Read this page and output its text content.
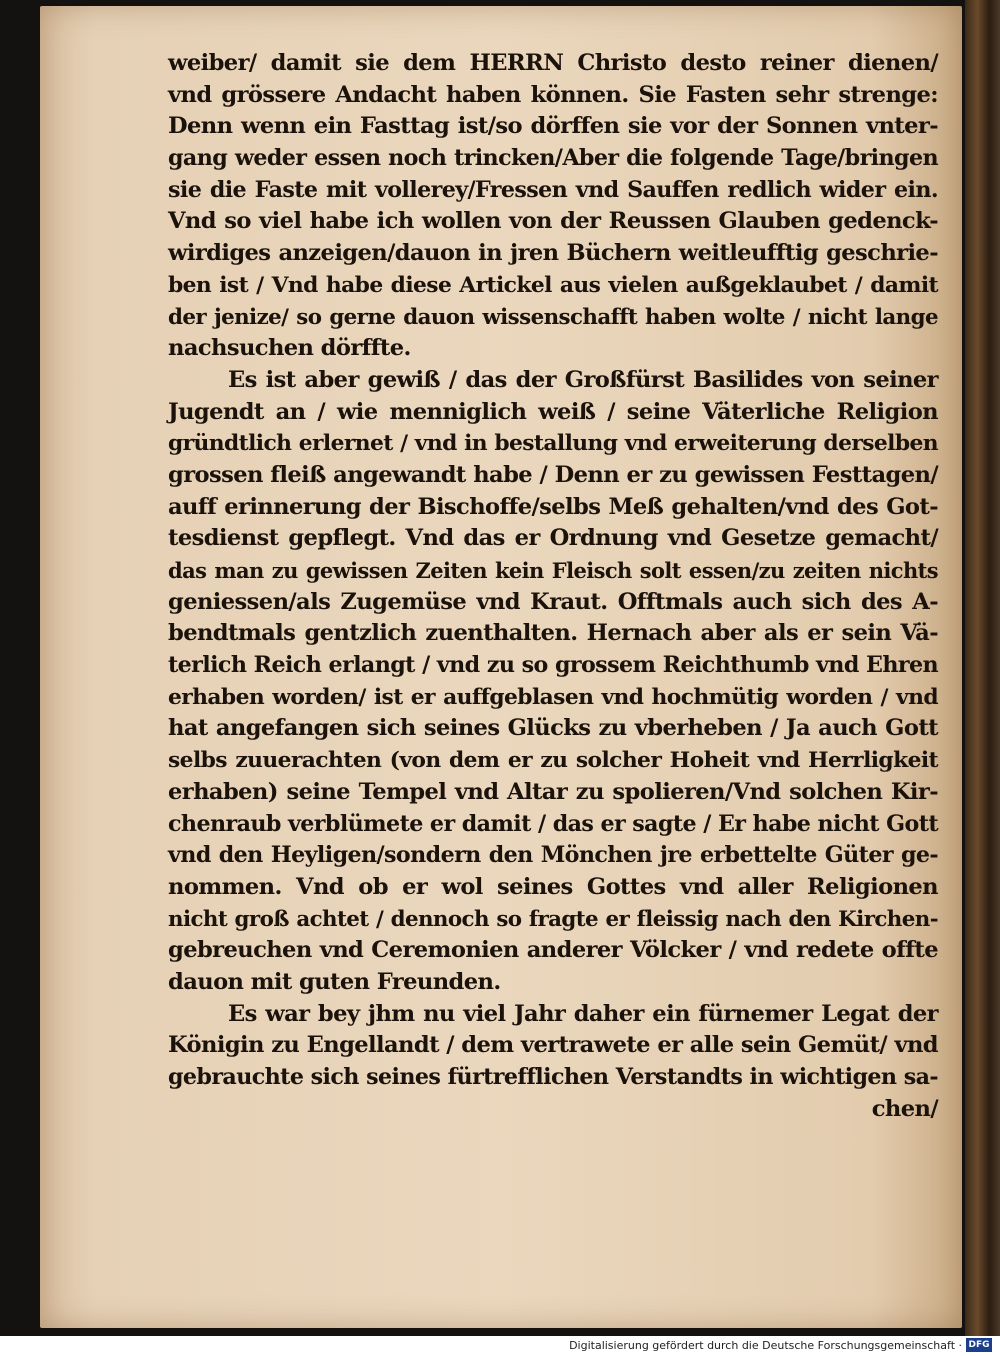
weiber/ damit sie dem HERRN Christo desto reiner dienen/
vnd grössere Andacht haben können. Sie Fasten sehr strenge:
Denn wenn ein Fasttag ist/so dörffen sie vor der Sonnen vnter-
gang weder essen noch trincken/Aber die folgende Tage/bringen
sie die Faste mit vollerey/Fressen vnd Sauffen redlich wider ein.
Vnd so viel habe ich wollen von der Reussen Glauben gedenck-
wirdiges anzeigen/dauon in jren Büchern weitleufftig geschrie-
ben ist / Vnd habe diese Artickel aus vielen außgeklaubet / damit
der jenize/ so gerne dauon wissenschafft haben wolte / nicht lange
nachsuchen dörffte.
Es ist aber gewiß / das der Großfürst Basilides von seiner
Jugendt an / wie menniglich weiß / seine Väterliche Religion
gründtlich erlernet / vnd in bestallung vnd erweiterung derselben
grossen fleiß angewandt habe / Denn er zu gewissen Festtagen/
auff erinnerung der Bischoffe/selbs Meß gehalten/vnd des Got-
tesdienst gepflegt. Vnd das er Ordnung vnd Gesetze gemacht/
das man zu gewissen Zeiten kein Fleisch solt essen/zu zeiten nichts
geniessen/als Zugemüse vnd Kraut. Offtmals auch sich des A-
bendtmals gentzlich zuenthalten. Hernach aber als er sein Vä-
terlich Reich erlangt / vnd zu so grossem Reichthumb vnd Ehren
erhaben worden/ ist er auffgeblasen vnd hochmütig worden / vnd
hat angefangen sich seines Glücks zu vberheben / Ja auch Gott
selbs zuuerachten (von dem er zu solcher Hoheit vnd Herrligkeit
erhaben) seine Tempel vnd Altar zu spolieren/Vnd solchen Kir-
chenraub verblümete er damit / das er sagte / Er habe nicht Gott
vnd den Heyligen/sondern den Mönchen jre erbettelte Güter ge-
nommen. Vnd ob er wol seines Gottes vnd aller Religionen
nicht groß achtet / dennoch so fragte er fleissig nach den Kirchen-
gebreuchen vnd Ceremonien anderer Völcker / vnd redete offte
dauon mit guten Freunden.
Es war bey jhm nu viel Jahr daher ein fürnemer Legat der
Königin zu Engellandt / dem vertrawete er alle sein Gemüt/ vnd
gebrauchte sich seines fürtrefflichen Verstandts in wichtigen sa-
chen/
Digitalisierung gefördert durch die Deutsche Forschungsgemeinschaft · DFG
